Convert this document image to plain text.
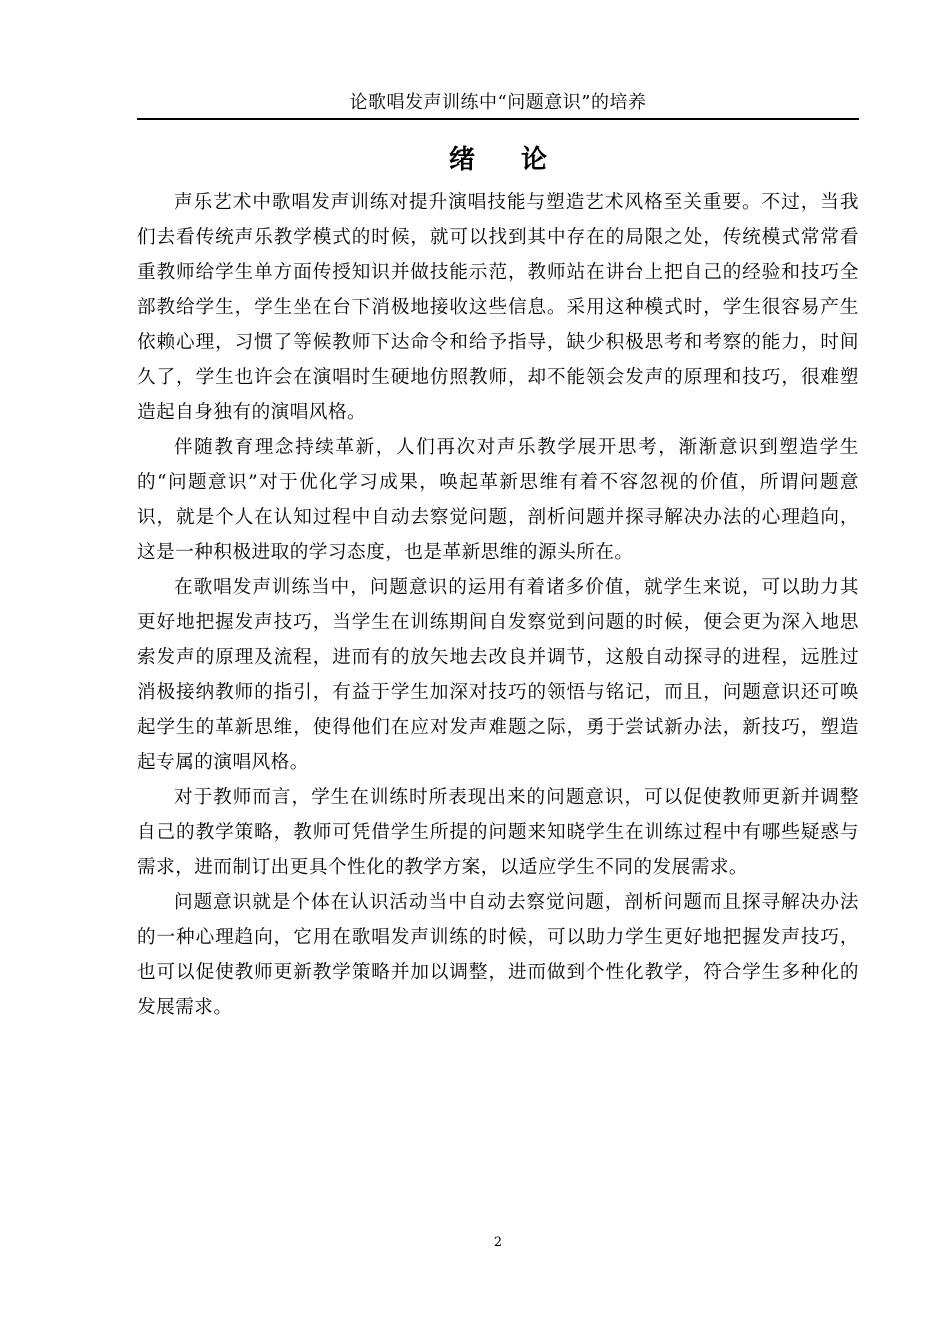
论歌唱发声训练中“问题意识”的培养
绪论

声乐艺术中歌唱发声训练对提升演唱技能与塑造艺术风格至关重要。不过，当我们去看传统声乐教学模式的时候，就可以找到其中存在的局限之处，传统模式常常看重教师给学生单方面传授知识并做技能示范，教师站在讲台上把自己的经验和技巧全部教给学生，学生坐在台下消极地接收这些信息。采用这种模式时，学生很容易产生依赖心理，习惯了等候教师下达命令和给予指导，缺少积极思考和考察的能力，时间久了，学生也许会在演唱时生硬地仿照教师，却不能领会发声的原理和技巧，很难塑造起自身独有的演唱风格。

伴随教育理念持续革新，人们再次对声乐教学展开思考，渐渐意识到塑造学生的“问题意识”对于优化学习成果，唤起革新思维有着不容忽视的价值，所谓问题意识，就是个人在认知过程中自动去察觉问题，剖析问题并探寻解决办法的心理趋向，这是一种积极进取的学习态度，也是革新思维的源头所在。

在歌唱发声训练当中，问题意识的运用有着诸多价值，就学生来说，可以助力其更好地把握发声技巧，当学生在训练期间自发察觉到问题的时候，便会更为深入地思索发声的原理及流程，进而有的放矢地去改良并调节，这般自动探寻的进程，远胜过消极接纳教师的指引，有益于学生加深对技巧的领悟与铭记，而且，问题意识还可唤起学生的革新思维，使得他们在应对发声难题之际，勇于尝试新办法，新技巧，塑造起专属的演唱风格。

对于教师而言，学生在训练时所表现出来的问题意识，可以促使教师更新并调整自己的教学策略，教师可凭借学生所提的问题来知晓学生在训练过程中有哪些疑惑与需求，进而制订出更具个性化的教学方案，以适应学生不同的发展需求。

问题意识就是个体在认识活动当中自动去察觉问题，剖析问题而且探寻解决办法的一种心理趋向，它用在歌唱发声训练的时候，可以助力学生更好地把握发声技巧，也可以促使教师更新教学策略并加以调整，进而做到个性化教学，符合学生多种化的发展需求。

2
